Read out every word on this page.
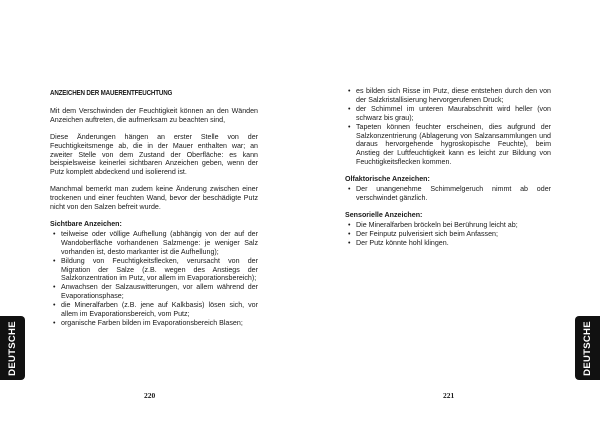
ANZEICHEN DER MAUERENTFEUCHTUNG

Mit dem Verschwinden der Feuchtigkeit können an den Wänden Anzeichen auftreten, die aufmerksam zu beachten sind,

Diese Änderungen hängen an erster Stelle von der Feuchtigkeitsmenge ab, die in der Mauer enthalten war; an zweiter Stelle von dem Zustand der Oberfläche: es kann beispielsweise keinerlei sichtbaren Anzeichen geben, wenn der Putz komplett abdeckend und isolierend ist.

Manchmal bemerkt man zudem keine Änderung zwischen einer trockenen und einer feuchten Wand, bevor der beschädigte Putz nicht von den Salzen befreit wurde.

Sichtbare Anzeichen:
• teilweise oder völlige Aufhellung (abhängig von der auf der Wandoberfläche vorhandenen Salzmenge: je weniger Salz vorhanden ist, desto markanter ist die Aufhellung);
• Bildung von Feuchtigkeitsflecken, verursacht von der Migration der Salze (z.B. wegen des Anstiegs der Salzkonzentration im Putz, vor allem im Evaporationsbereich);
• Anwachsen der Salzauswitterungen, vor allem während der Evaporationsphase;
• die Mineralfarben (z.B. jene auf Kalkbasis) lösen sich, vor allem im Evaporationsbereich, vom Putz;
• organische Farben bilden im Evaporationsbereich Blasen;
220
DEUTSCHE
• es bilden sich Risse im Putz, diese entstehen durch den von der Salzkristallisierung hervorgerufenen Druck;
• der Schimmel im unteren Maurabschnitt wird heller (von schwarz bis grau);
• Tapeten können feuchter erscheinen, dies aufgrund der Salzkonzentrierung (Ablagerung von Salzansammlungen und daraus hervorgehende hygroskopische Feuchte), beim Anstieg der Luftfeuchtigkeit kann es leicht zur Bildung von Feuchtigkeitsflecken kommen.
Olfaktorische Anzeichen:
• Der unangenehme Schimmelgeruch nimmt ab oder verschwindet gänzlich.
Sensorielle Anzeichen:
• Die Mineralfarben bröckeln bei Berührung leicht ab;
• Der Feinputz pulverisiert sich beim Anfassen;
• Der Putz könnte hohl klingen.
221
DEUTSCHE
